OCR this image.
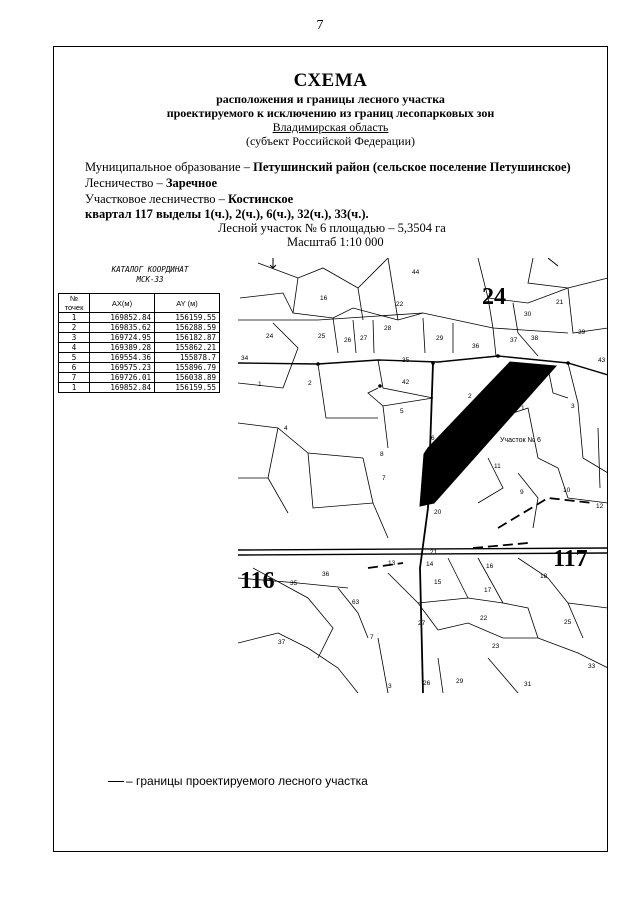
7
СХЕМА
расположения и границы лесного участка
проектируемого к исключению из границ лесопарковых зон
Владимирская область
(субъект Российской Федерации)
Муниципальное образование – Петушинский район (сельское поселение Петушинское)
Лесничество – Заречное
Участковое лесничество – Костинское
квартал 117 выделы 1(ч.), 2(ч.), 6(ч.), 32(ч.), 33(ч.).
Лесной участок № 6 площадью – 5,3504 га
Масштаб 1:10 000
КАТАЛОГ КООРДИНАТ
МСК-33
№
точек	AX(м)	AY (м)
1	169852.84	156159.55
2	169835.62	156288.59
3	169724.95	156182.87
4	169389.28	155862.21
5	169554.36	155878.7
6	169575.23	155896.79
7	169726.01	156038.89
1	169852.84	156159.55
24
116
117
Участок № 6
44
16
22	21
24	25
26 27
28
29
36
37 38
39
30
34	35
42
43
1	2
3
4
5
6
7
8
9	10
11
12
13	14
15
16
17
18
20
21
22
23
25
26
27
29	31
33
35
36
37
63
7
3
2
1
– границы проектируемого лесного участка
